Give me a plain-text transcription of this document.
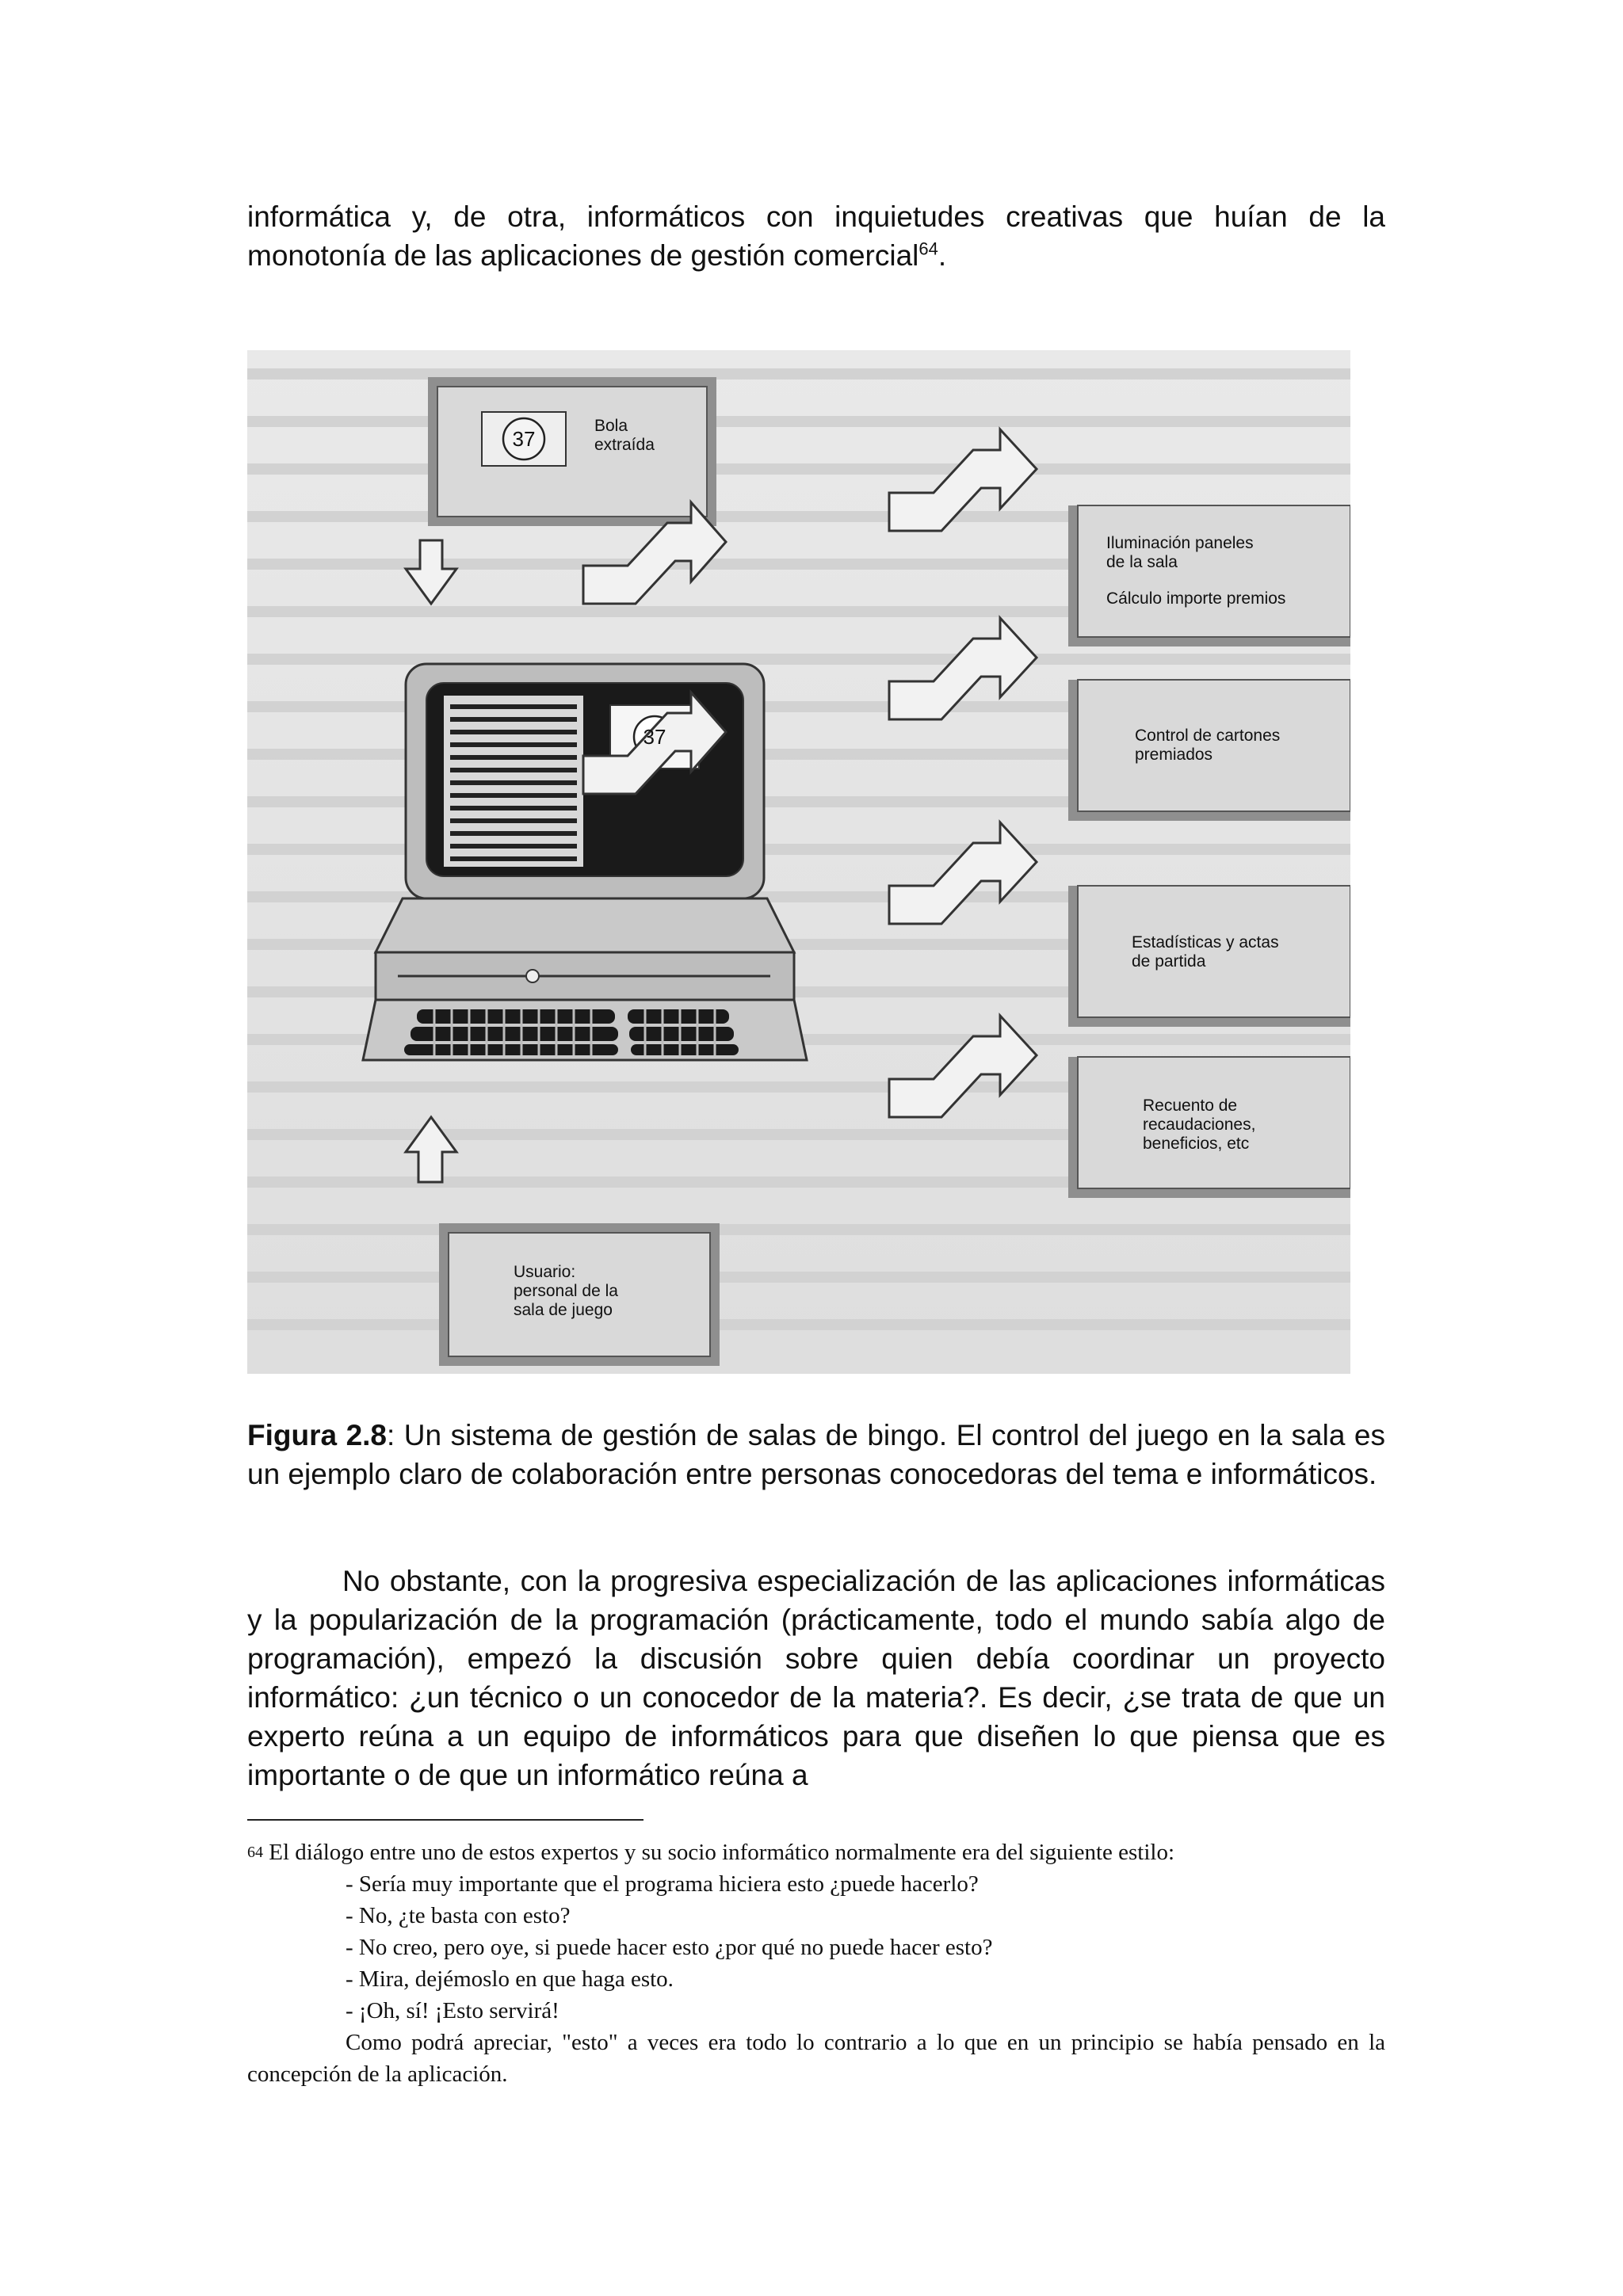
informática y, de otra, informáticos con inquietudes creativas que huían de la

monotonía de las aplicaciones de gestión comercial$^{64}$.

37
37
Bola
extraída
Iluminación paneles
de la sala
Cálculo importe premios
Control de cartones
premiados
Estadísticas y actas
de partida
Recuento de
recaudaciones,
beneficios, etc
Usuario:
personal de la
sala de juego
Figura 2.8: Un sistema de gestión de salas de bingo. El control del juego en la sala es un ejemplo claro de colaboración entre personas conocedoras del tema e informáticos.
No obstante, con la progresiva especialización de las aplicaciones informáticas y la popularización de la programación (prácticamente, todo el mundo sabía algo de programación), empezó la discusión sobre quien debía coordinar un proyecto informático: ¿un técnico o un conocedor de la materia?. Es decir, ¿se trata de que un experto reúna a un equipo de informáticos para que diseñen lo que piensa que es importante o de que un informático reúna a
$^{64}$ El diálogo entre uno de estos expertos y su socio informático normalmente era del siguiente estilo:
- Sería muy importante que el programa hiciera esto ¿puede hacerlo?
- No, ¿te basta con esto?
- No creo, pero oye, si puede hacer esto ¿por qué no puede hacer esto?
- Mira, dejémoslo en que haga esto.
- ¡Oh, sí! ¡Esto servirá!
Como podrá apreciar, "esto" a veces era todo lo contrario a lo que en un principio se había pensado en la concepción de la aplicación.
